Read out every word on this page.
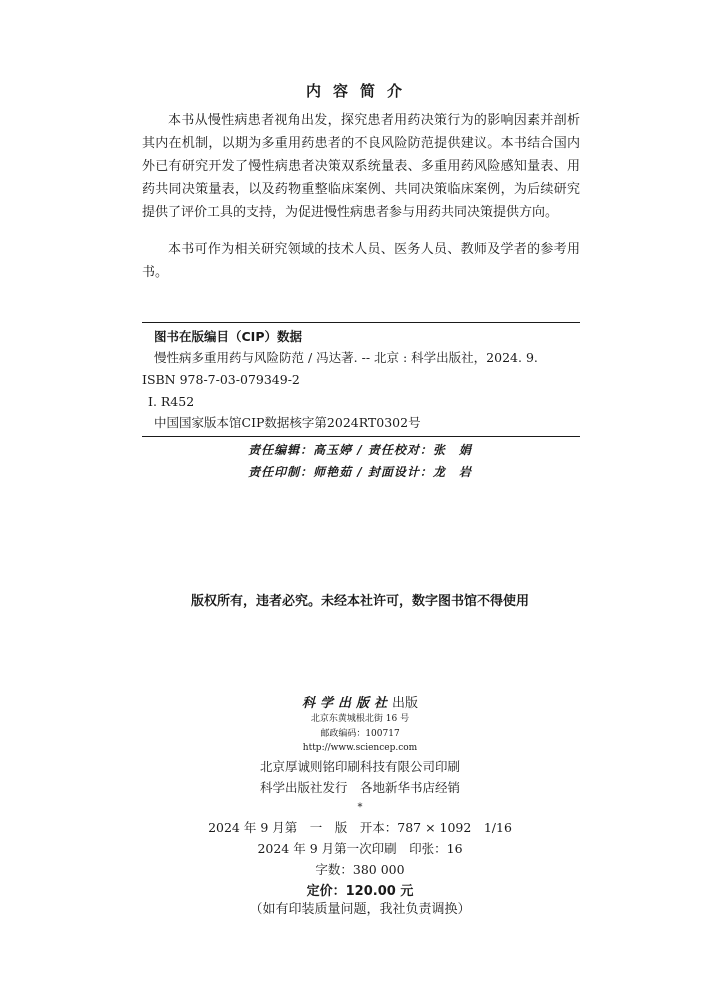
内容简介

本书从慢性病患者视角出发，探究患者用药决策行为的影响因素并剖析其内在机制，以期为多重用药患者的不良风险防范提供建议。本书结合国内外已有研究开发了慢性病患者决策双系统量表、多重用药风险感知量表、用药共同决策量表，以及药物重整临床案例、共同决策临床案例，为后续研究提供了评价工具的支持，为促进慢性病患者参与用药共同决策提供方向。

本书可作为相关研究领域的技术人员、医务人员、教师及学者的参考用书。

图书在版编目（CIP）数据
慢性病多重用药与风险防范 / 冯达著. -- 北京 : 科学出版社，2024. 9.
ISBN 978-7-03-079349-2
Ⅰ. R452
中国国家版本馆CIP数据核字第2024RT0302号
责任编辑：高玉婷 / 责任校对：张　娟
责任印制：师艳茹 / 封面设计：龙　岩
版权所有，违者必究。未经本社许可，数字图书馆不得使用
科学出版社出版
北京东黄城根北街 16 号
邮政编码：100717
http://www.sciencep.com
北京厚诚则铭印刷科技有限公司印刷
科学出版社发行　各地新华书店经销
*
2024 年 9 月第　一　版　开本：787 × 1092　1/16
2024 年 9 月第一次印刷　印张：16
字数：380 000
定价：120.00 元
（如有印装质量问题，我社负责调换）
